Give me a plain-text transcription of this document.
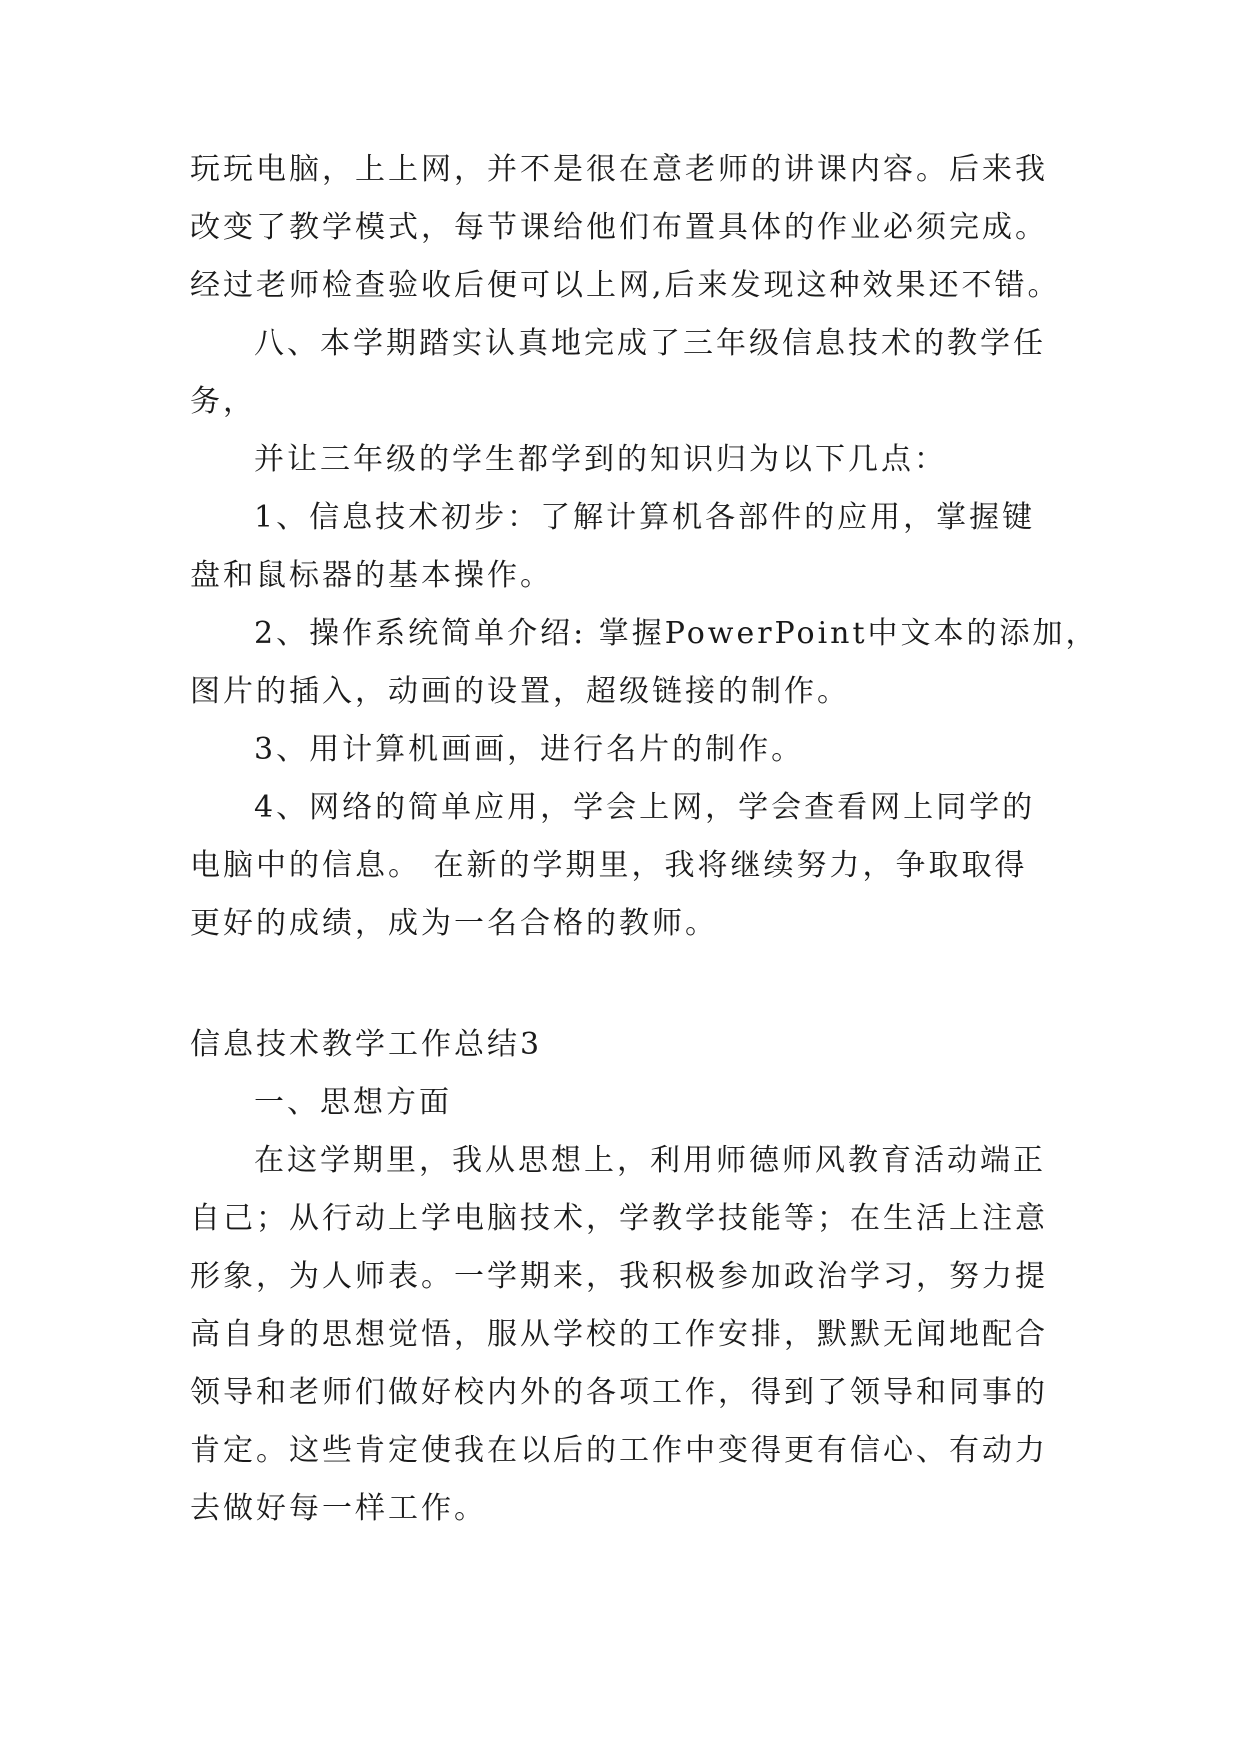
玩玩电脑，上上网，并不是很在意老师的讲课内容。后来我
改变了教学模式，每节课给他们布置具体的作业必须完成。
经过老师检查验收后便可以上网,后来发现这种效果还不错。
八、本学期踏实认真地完成了三年级信息技术的教学任
务，
并让三年级的学生都学到的知识归为以下几点：
1、信息技术初步：了解计算机各部件的应用，掌握键
盘和鼠标器的基本操作。
2、操作系统简单介绍: 掌握PowerPoint中文本的添加，
图片的插入，动画的设置，超级链接的制作。
3、用计算机画画，进行名片的制作。
4、网络的简单应用，学会上网，学会查看网上同学的
电脑中的信息。 在新的学期里，我将继续努力，争取取得
更好的成绩，成为一名合格的教师。
信息技术教学工作总结3
一、思想方面
在这学期里，我从思想上，利用师德师风教育活动端正
自己；从行动上学电脑技术，学教学技能等；在生活上注意
形象，为人师表。一学期来，我积极参加政治学习，努力提
高自身的思想觉悟，服从学校的工作安排，默默无闻地配合
领导和老师们做好校内外的各项工作，得到了领导和同事的
肯定。这些肯定使我在以后的工作中变得更有信心、有动力
去做好每一样工作。
